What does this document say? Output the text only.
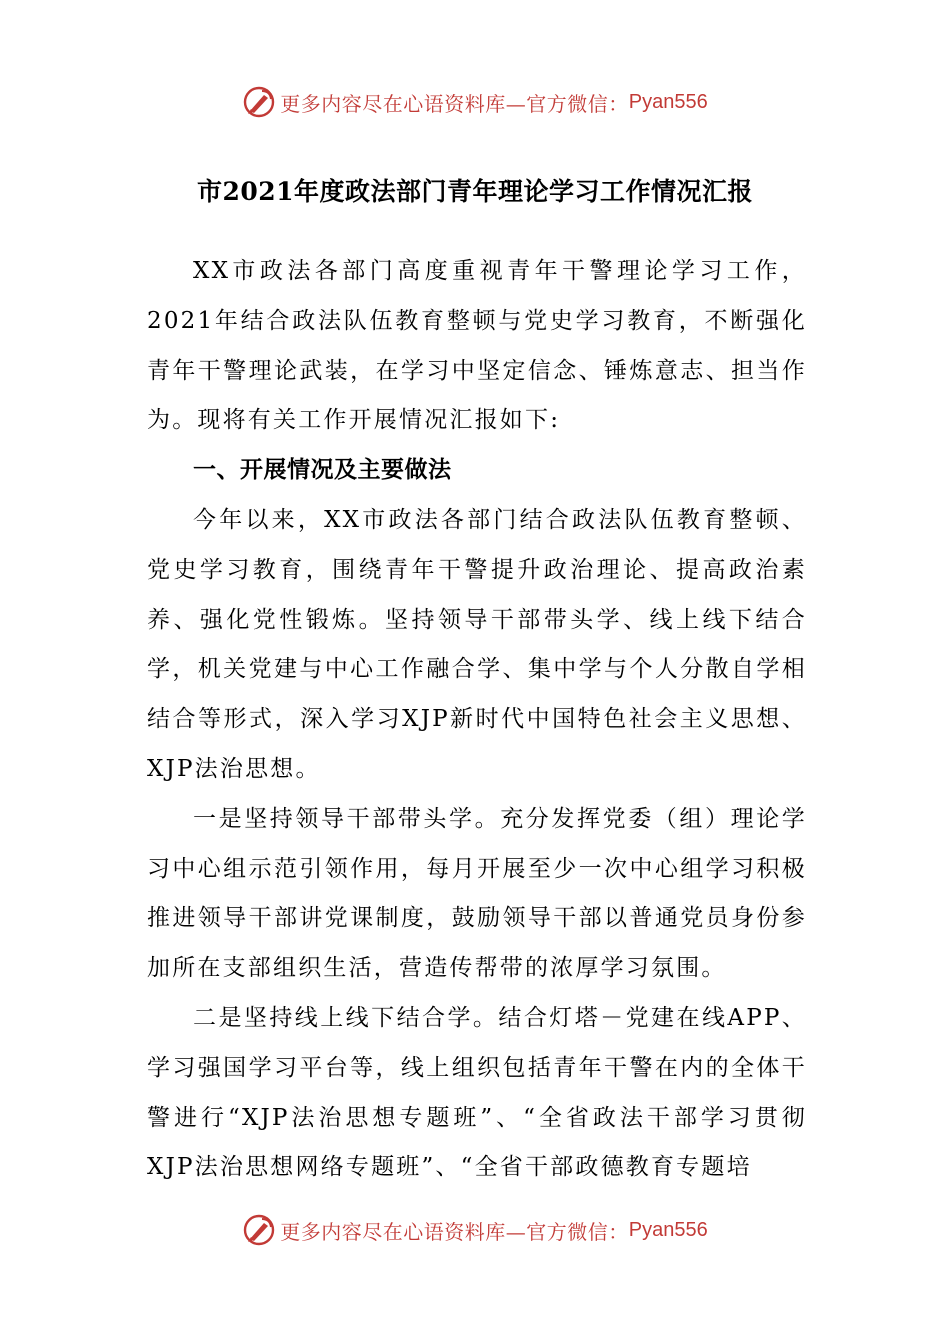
更多内容尽在心语资料库—官方微信： Pyan556
市2021年度政法部门青年理论学习工作情况汇报

XX市政法各部门高度重视青年干警理论学习工作，2021年结合政法队伍教育整顿与党史学习教育，不断强化青年干警理论武装，在学习中坚定信念、锤炼意志、担当作为。现将有关工作开展情况汇报如下:

一、开展情况及主要做法

今年以来，XX市政法各部门结合政法队伍教育整顿、党史学习教育，围绕青年干警提升政治理论、提高政治素养、强化党性锻炼。坚持领导干部带头学、线上线下结合学，机关党建与中心工作融合学、集中学与个人分散自学相结合等形式，深入学习XJP新时代中国特色社会主义思想、XJP法治思想。

一是坚持领导干部带头学。充分发挥党委（组）理论学习中心组示范引领作用，每月开展至少一次中心组学习积极推进领导干部讲党课制度，鼓励领导干部以普通党员身份参加所在支部组织生活，营造传帮带的浓厚学习氛围。

二是坚持线上线下结合学。结合灯塔－党建在线APP、学习强国学习平台等，线上组织包括青年干警在内的全体干警进行“XJP法治思想专题班”、“全省政法干部学习贯彻XJP法治思想网络专题班”、“全省干部政德教育专题培

更多内容尽在心语资料库—官方微信： Pyan556
